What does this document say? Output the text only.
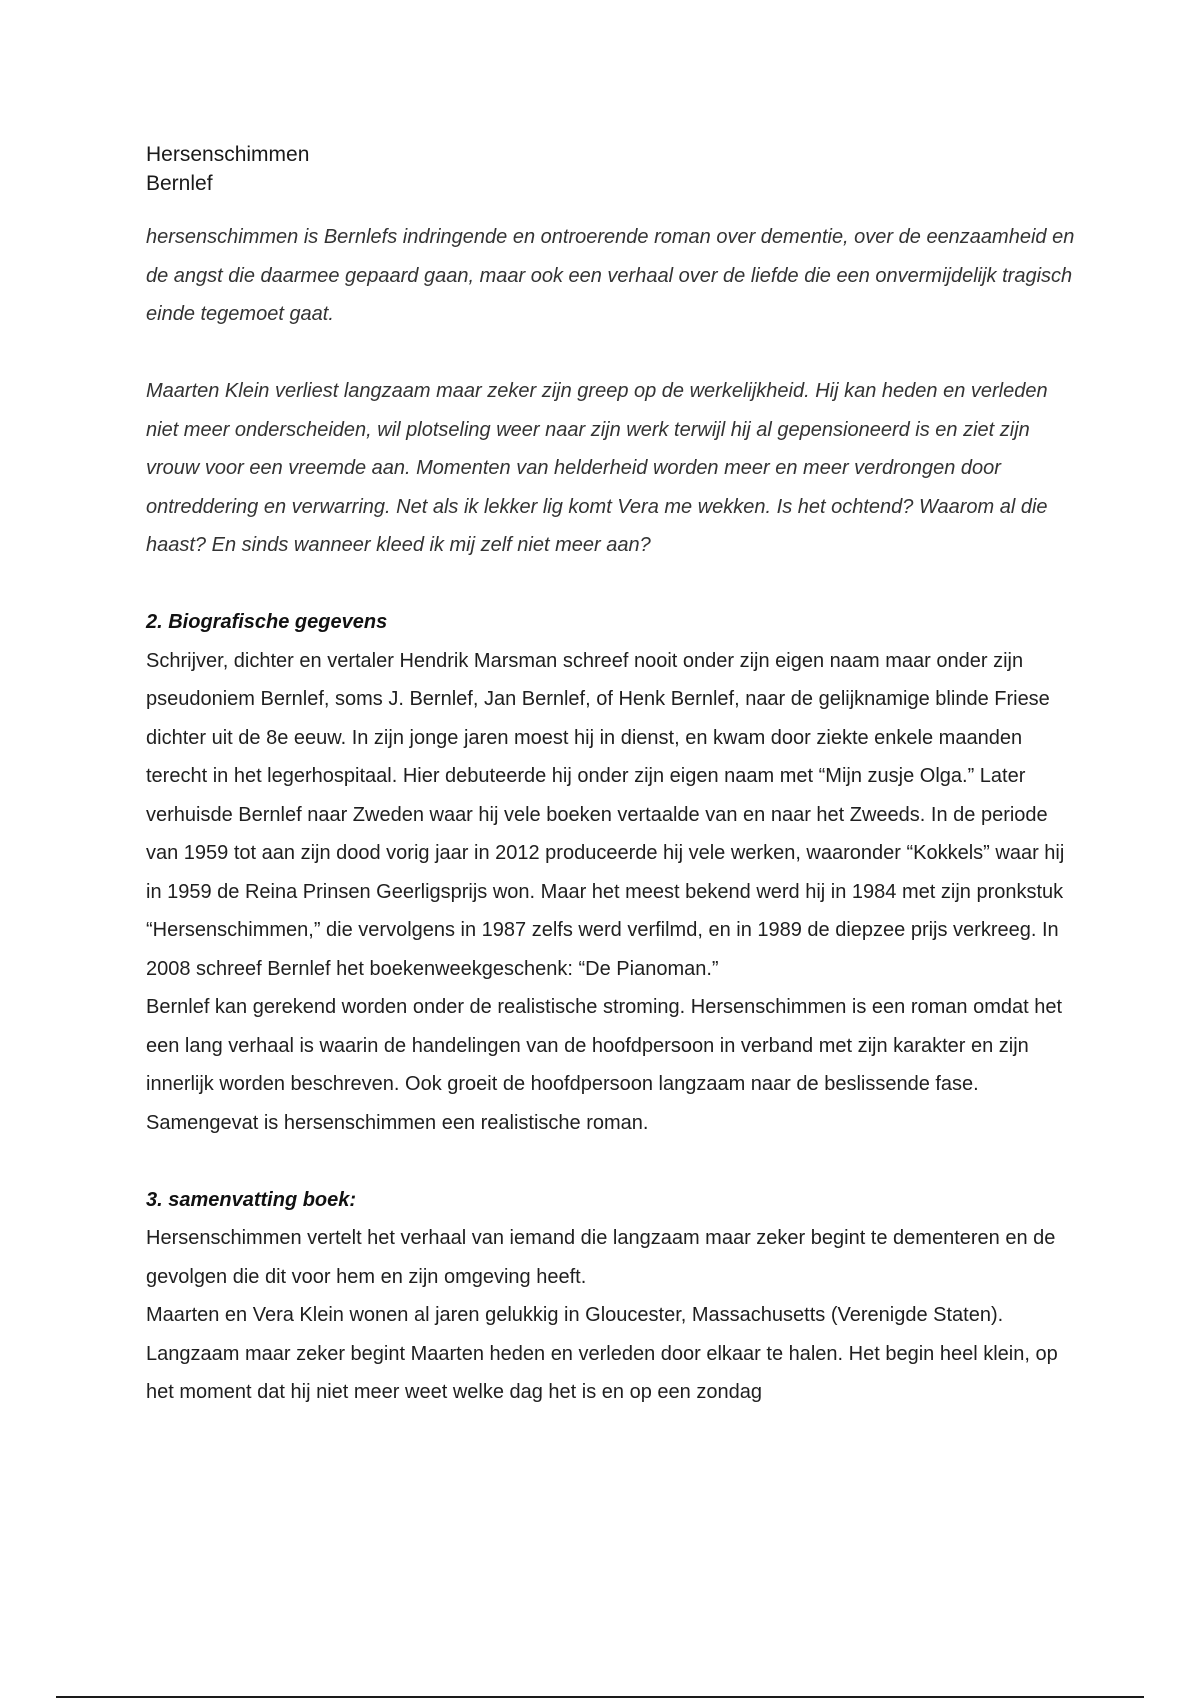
Hersenschimmen

Bernlef

hersenschimmen is Bernlefs indringende en ontroerende roman over dementie, over de eenzaamheid en de angst die daarmee gepaard gaan, maar ook een verhaal over de liefde die een onvermijdelijk tragisch einde tegemoet gaat.

Maarten Klein verliest langzaam maar zeker zijn greep op de werkelijkheid. Hij kan heden en verleden niet meer onderscheiden, wil plotseling weer naar zijn werk terwijl hij al gepensioneerd is en ziet zijn vrouw voor een vreemde aan. Momenten van helderheid worden meer en meer verdrongen door ontreddering en verwarring. Net als ik lekker lig komt Vera me wekken. Is het ochtend? Waarom al die haast? En sinds wanneer kleed ik mij zelf niet meer aan?

2. Biografische gegevens

Schrijver, dichter en vertaler Hendrik Marsman schreef nooit onder zijn eigen naam maar onder zijn pseudoniem Bernlef, soms J. Bernlef, Jan Bernlef, of Henk Bernlef, naar de gelijknamige blinde Friese dichter uit de 8e eeuw. In zijn jonge jaren moest hij in dienst, en kwam door ziekte enkele maanden terecht in het legerhospitaal. Hier debuteerde hij onder zijn eigen naam met “Mijn zusje Olga.” Later verhuisde Bernlef naar Zweden waar hij vele boeken vertaalde van en naar het Zweeds. In de periode van 1959 tot aan zijn dood vorig jaar in 2012 produceerde hij vele werken, waaronder “Kokkels” waar hij in 1959 de Reina Prinsen Geerligsprijs won. Maar het meest bekend werd hij in 1984 met zijn pronkstuk “Hersenschimmen,” die vervolgens in 1987 zelfs werd verfilmd, en in 1989 de diepzee prijs verkreeg. In 2008 schreef Bernlef het boekenweekgeschenk: “De Pianoman.”

Bernlef kan gerekend worden onder de realistische stroming. Hersenschimmen is een roman omdat het een lang verhaal is waarin de handelingen van de hoofdpersoon in verband met zijn karakter en zijn innerlijk worden beschreven. Ook groeit de hoofdpersoon langzaam naar de beslissende fase. Samengevat is hersenschimmen een realistische roman.

3. samenvatting boek:

Hersenschimmen vertelt het verhaal van iemand die langzaam maar zeker begint te dementeren en de gevolgen die dit voor hem en zijn omgeving heeft.

Maarten en Vera Klein wonen al jaren gelukkig in Gloucester, Massachusetts (Verenigde Staten). Langzaam maar zeker begint Maarten heden en verleden door elkaar te halen. Het begin heel klein, op het moment dat hij niet meer weet welke dag het is en op een zondag
